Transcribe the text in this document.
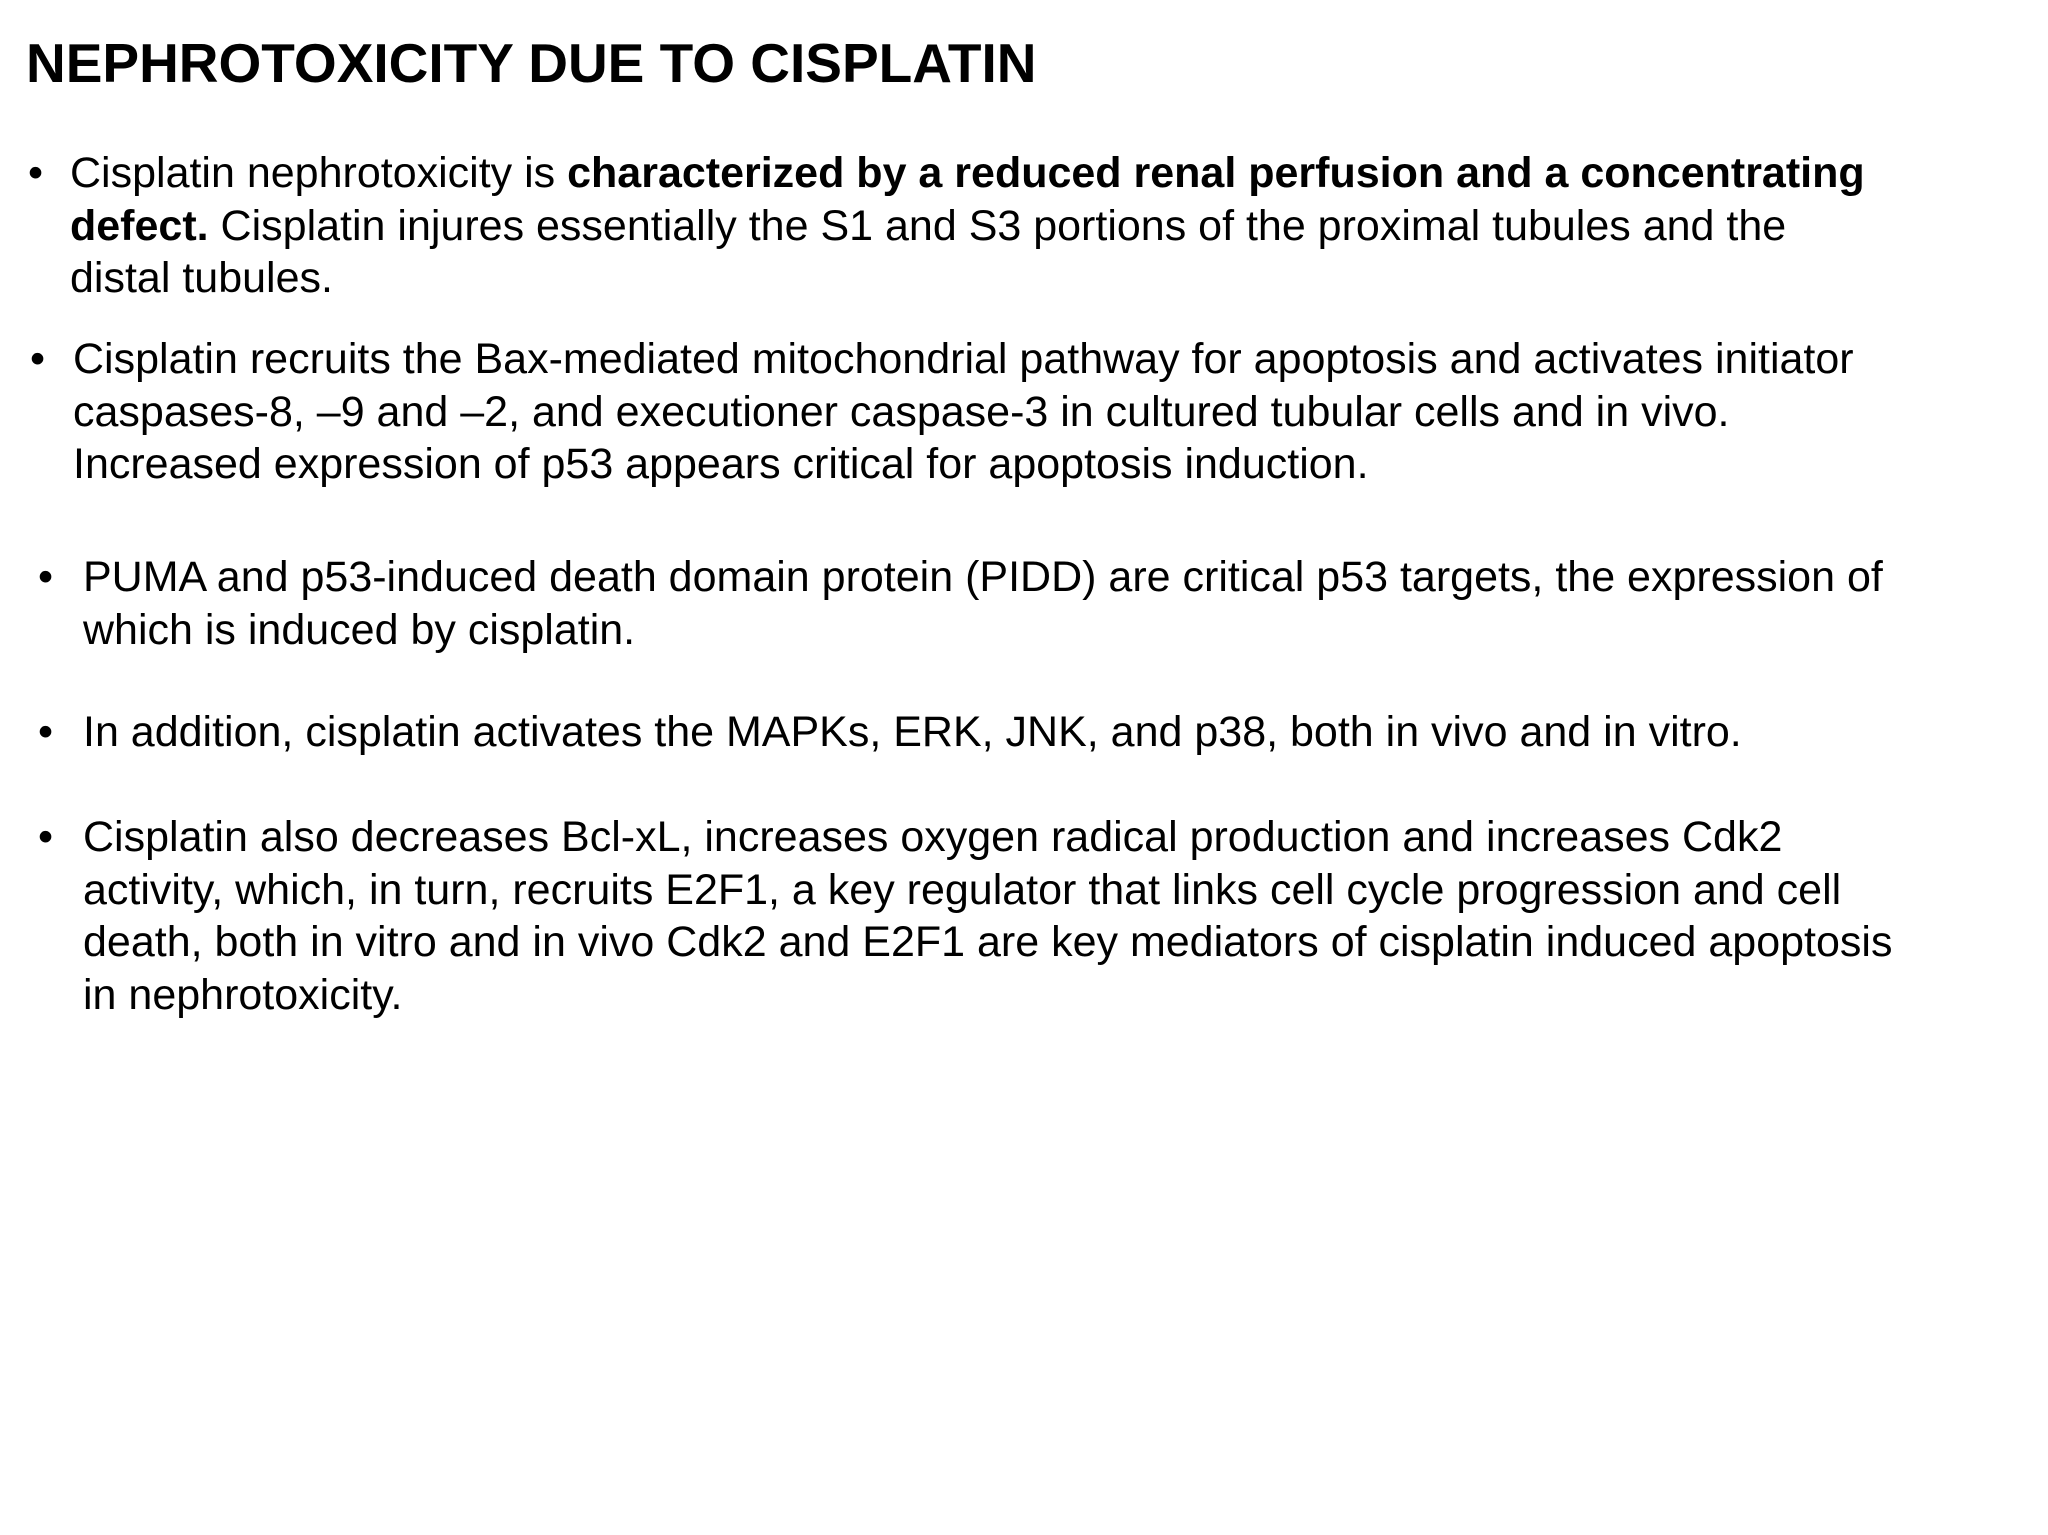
NEPHROTOXICITY DUE TO CISPLATIN
• Cisplatin nephrotoxicity is characterized by a reduced renal perfusion and a concentrating
defect. Cisplatin injures essentially the S1 and S3 portions of the proximal tubules and the
distal tubules.
• Cisplatin recruits the Bax-mediated mitochondrial pathway for apoptosis and activates initiator
caspases-8, –9 and –2, and executioner caspase-3 in cultured tubular cells and in vivo.
Increased expression of p53 appears critical for apoptosis induction.
• PUMA and p53-induced death domain protein (PIDD) are critical p53 targets, the expression of
which is induced by cisplatin.
• In addition, cisplatin activates the MAPKs, ERK, JNK, and p38, both in vivo and in vitro.
• Cisplatin also decreases Bcl-xL, increases oxygen radical production and increases Cdk2
activity, which, in turn, recruits E2F1, a key regulator that links cell cycle progression and cell
death, both in vitro and in vivo Cdk2 and E2F1 are key mediators of cisplatin induced apoptosis
in nephrotoxicity.
